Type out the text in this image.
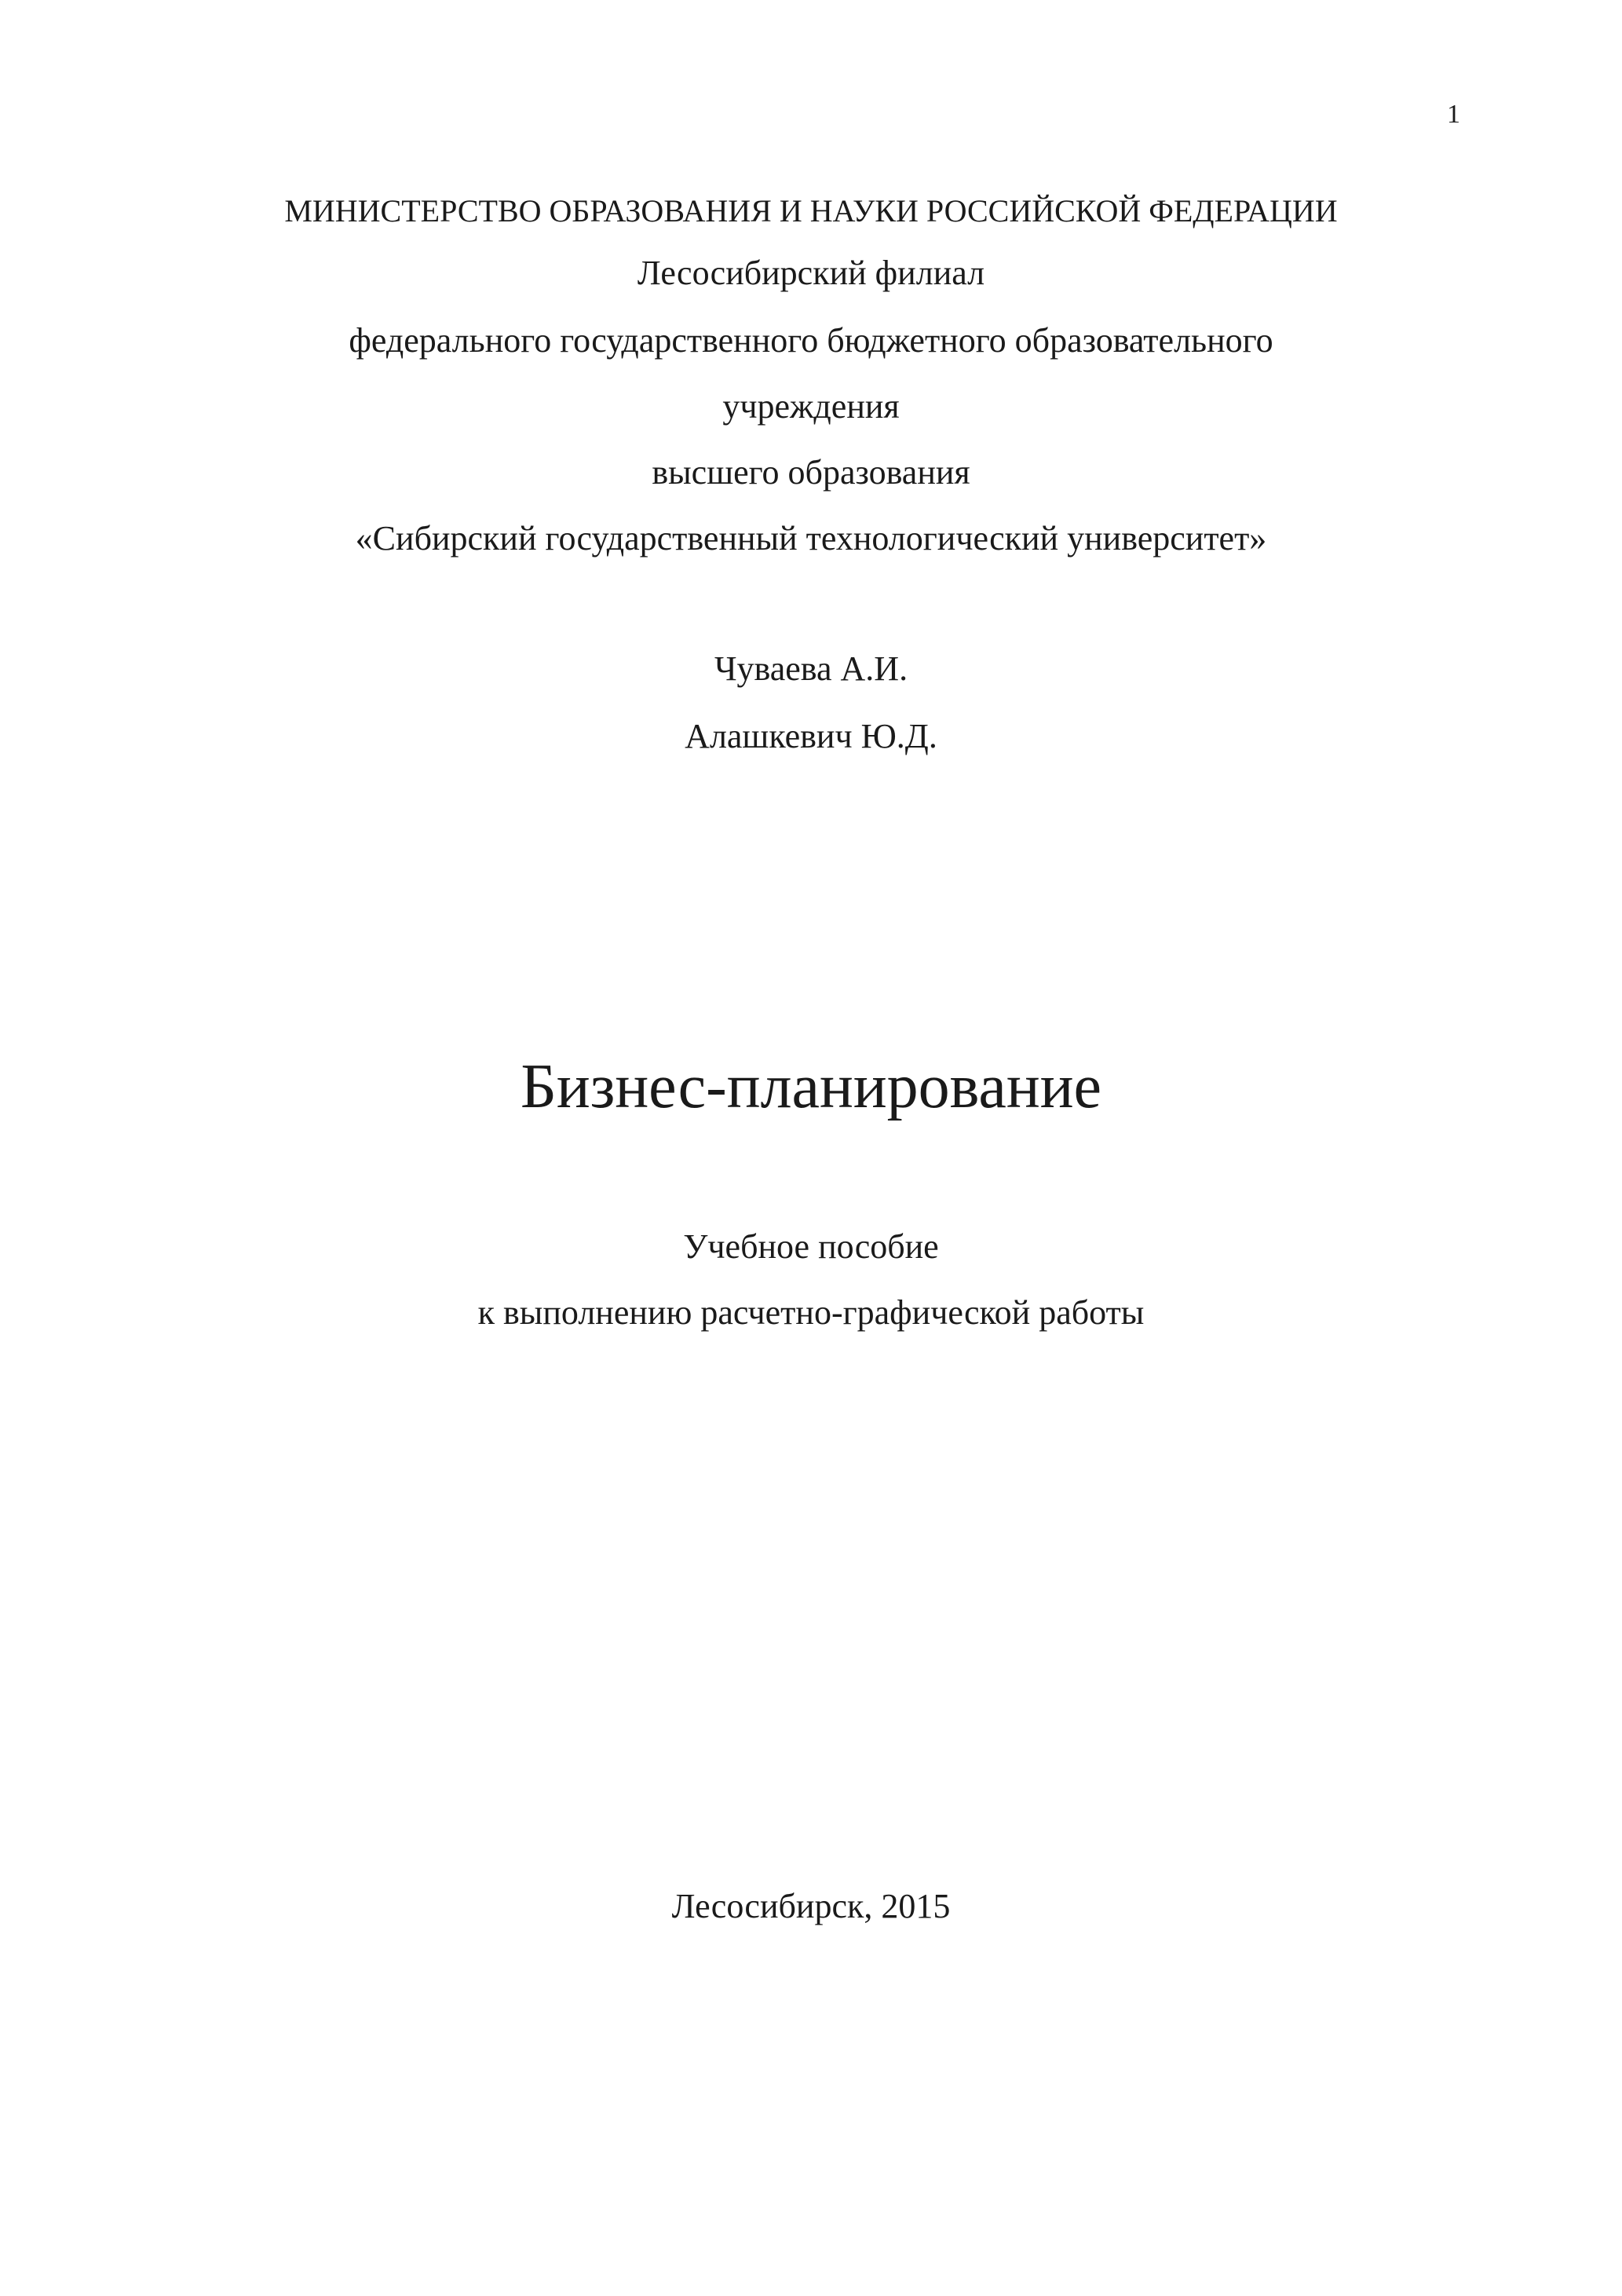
1
МИНИСТЕРСТВО ОБРАЗОВАНИЯ И НАУКИ РОССИЙСКОЙ ФЕДЕРАЦИИ
Лесосибирский филиал
федерального государственного бюджетного образовательного
учреждения
высшего образования
«Сибирский государственный технологический университет»
Чуваева А.И.
Алашкевич Ю.Д.
Бизнес-планирование
Учебное пособие
к выполнению расчетно-графической работы
Лесосибирск, 2015
